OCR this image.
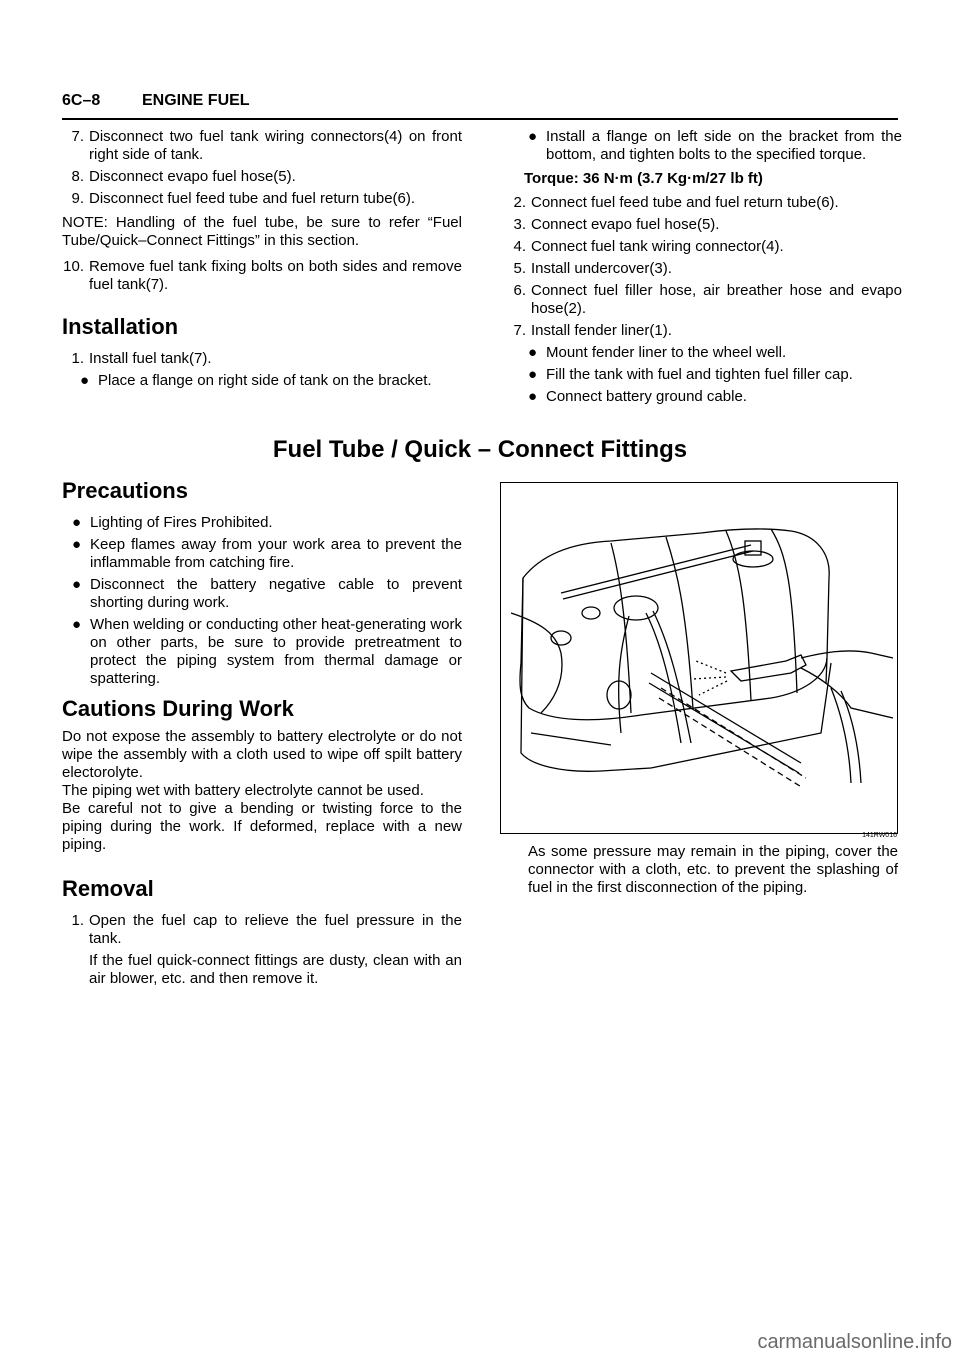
6C–8	ENGINE FUEL
7. Disconnect two fuel tank wiring connectors(4) on front right side of tank.
8. Disconnect evapo fuel hose(5).
9. Disconnect fuel feed tube and fuel return tube(6).

NOTE: Handling of the fuel tube, be sure to refer “Fuel Tube/Quick–Connect Fittings” in this section.

10. Remove fuel tank fixing bolts on both sides and remove fuel tank(7).
Installation
1. Install fuel tank(7).
● Place a flange on right side of tank on the bracket.
● Install a flange on left side on the bracket from the bottom, and tighten bolts to the specified torque.

Torque: 36 N·m (3.7 Kg·m/27 lb ft)

2. Connect fuel feed tube and fuel return tube(6).
3. Connect evapo fuel hose(5).
4. Connect fuel tank wiring connector(4).
5. Install undercover(3).
6. Connect fuel filler hose, air breather hose and evapo hose(2).
7. Install fender liner(1).
● Mount fender liner to the wheel well.
● Fill the tank with fuel and tighten fuel filler cap.
● Connect battery ground cable.
Fuel Tube / Quick – Connect Fittings
Precautions
● Lighting of Fires Prohibited.
● Keep flames away from your work area to prevent the inflammable from catching fire.
● Disconnect the battery negative cable to prevent shorting during work.
● When welding or conducting other heat-generating work on other parts, be sure to provide pretreatment to protect the piping system from thermal damage or spattering.
Cautions During Work

Do not expose the assembly to battery electrolyte or do not wipe the assembly with a cloth used to wipe off spilt battery electorolyte.

The piping wet with battery electrolyte cannot be used.

Be careful not to give a bending or twisting force to the piping during the work. If deformed, replace with a new piping.

Removal
1. Open the fuel cap to relieve the fuel pressure in the tank.

If the fuel quick-connect fittings are dusty, clean with an air blower, etc. and then remove it.

141RW016

As some pressure may remain in the piping, cover the connector with a cloth, etc. to prevent the splashing of fuel in the first disconnection of the piping.

carmanualsonline.info
